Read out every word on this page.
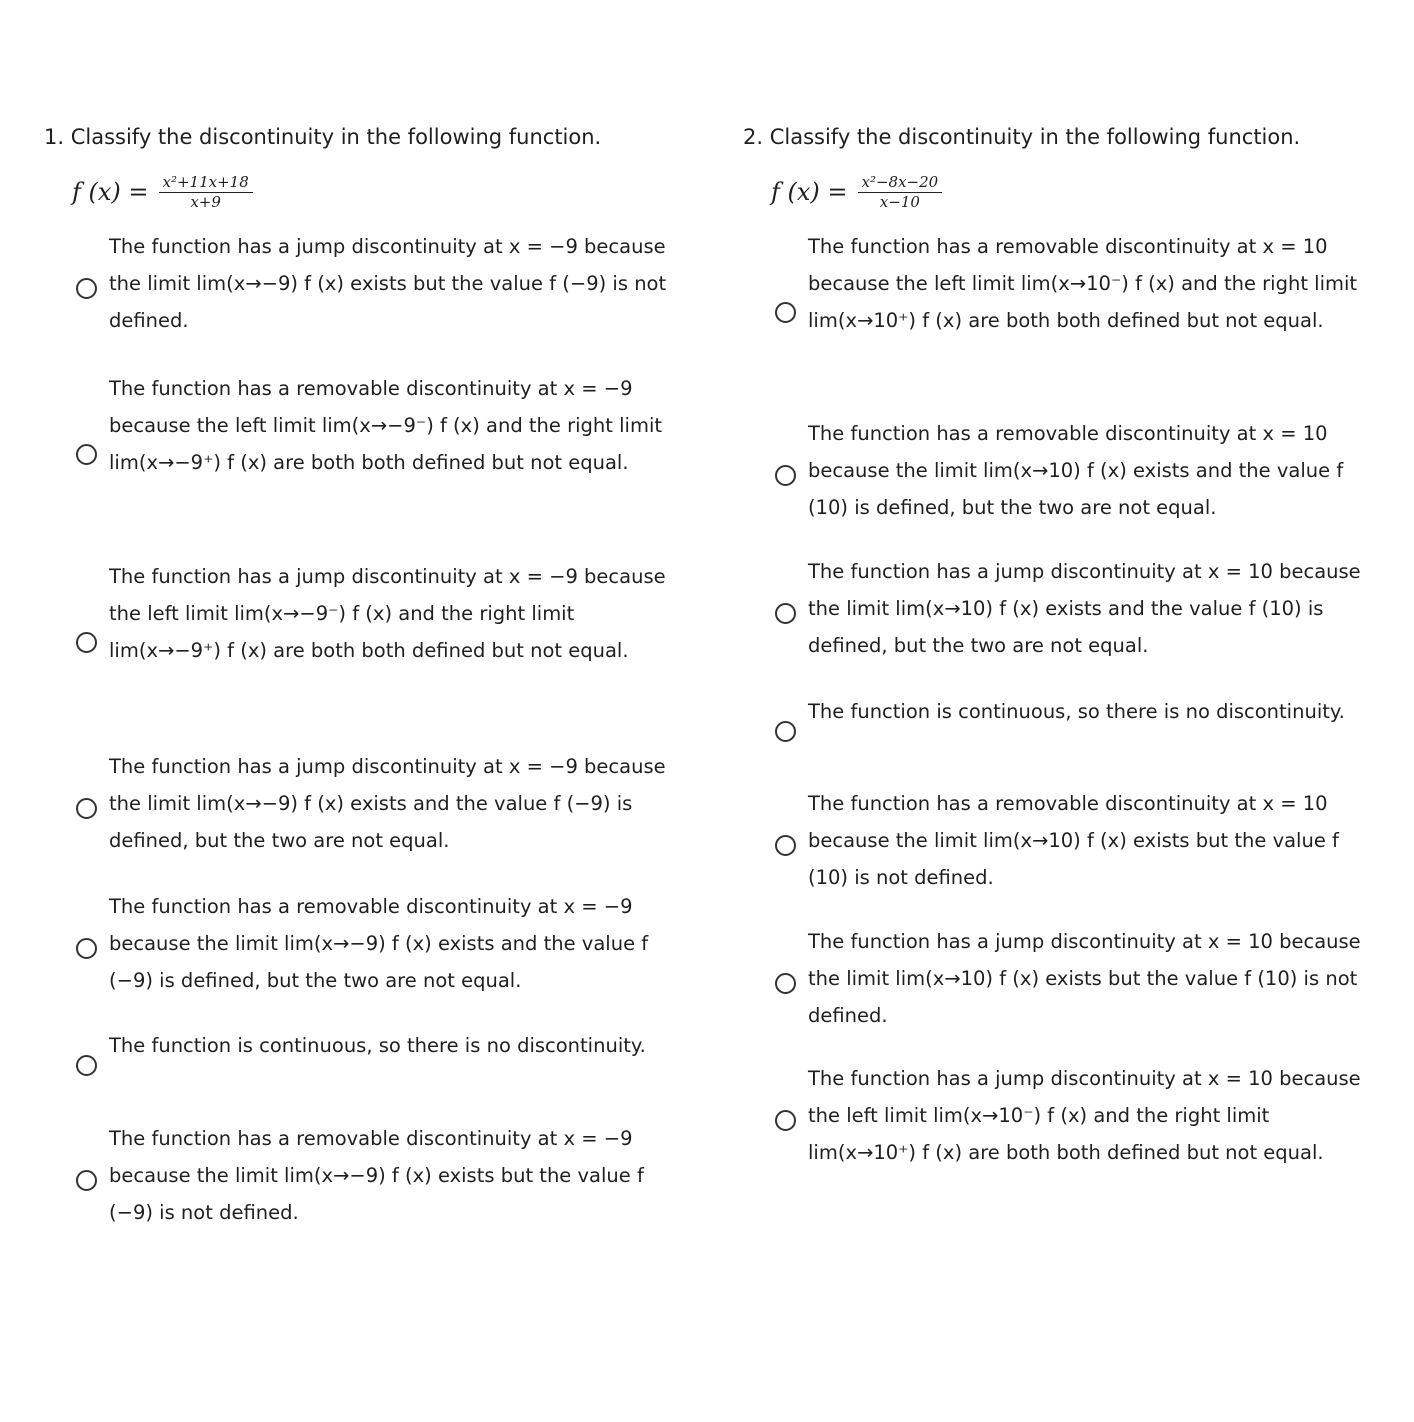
1. Classify the discontinuity in the following function.
f $(x) = \frac{\text{x²+11x+18}}{x+9}$
The function has a jump discontinuity at x = −9 because the limit lim(x→−9) f (x) exists but the value f (−9) is not defined.
The function has a removable discontinuity at x = −9 because the left limit lim(x→−9⁻) f (x) and the right limit lim(x→−9⁺) f (x) are both both defined but not equal.
The function has a jump discontinuity at x = −9 because the left limit lim(x→−9⁻) f (x) and the right limit lim(x→−9⁺) f (x) are both both defined but not equal.
The function has a jump discontinuity at x = −9 because the limit lim(x→−9) f (x) exists and the value f (−9) is defined, but the two are not equal.
The function has a removable discontinuity at x = −9 because the limit lim(x→−9) f (x) exists and the value f (−9) is defined, but the two are not equal.
The function is continuous, so there is no discontinuity.
The function has a removable discontinuity at x = −9 because the limit lim(x→−9) f (x) exists but the value f (−9) is not defined.
2. Classify the discontinuity in the following function.
f $(x) = \frac{\text{x²−8x−20}}{x-10}$
The function has a removable discontinuity at x = 10 because the left limit lim(x→10⁻) f (x) and the right limit lim(x→10⁺) f (x) are both both defined but not equal.
The function has a removable discontinuity at x = 10 because the limit lim(x→10) f (x) exists and the value f (10) is defined, but the two are not equal.
The function has a jump discontinuity at x = 10 because the limit lim(x→10) f (x) exists and the value f (10) is defined, but the two are not equal.
The function is continuous, so there is no discontinuity.
The function has a removable discontinuity at x = 10 because the limit lim(x→10) f (x) exists but the value f (10) is not defined.
The function has a jump discontinuity at x = 10 because the limit lim(x→10) f (x) exists but the value f (10) is not defined.
The function has a jump discontinuity at x = 10 because the left limit lim(x→10⁻) f (x) and the right limit lim(x→10⁺) f (x) are both both defined but not equal.
